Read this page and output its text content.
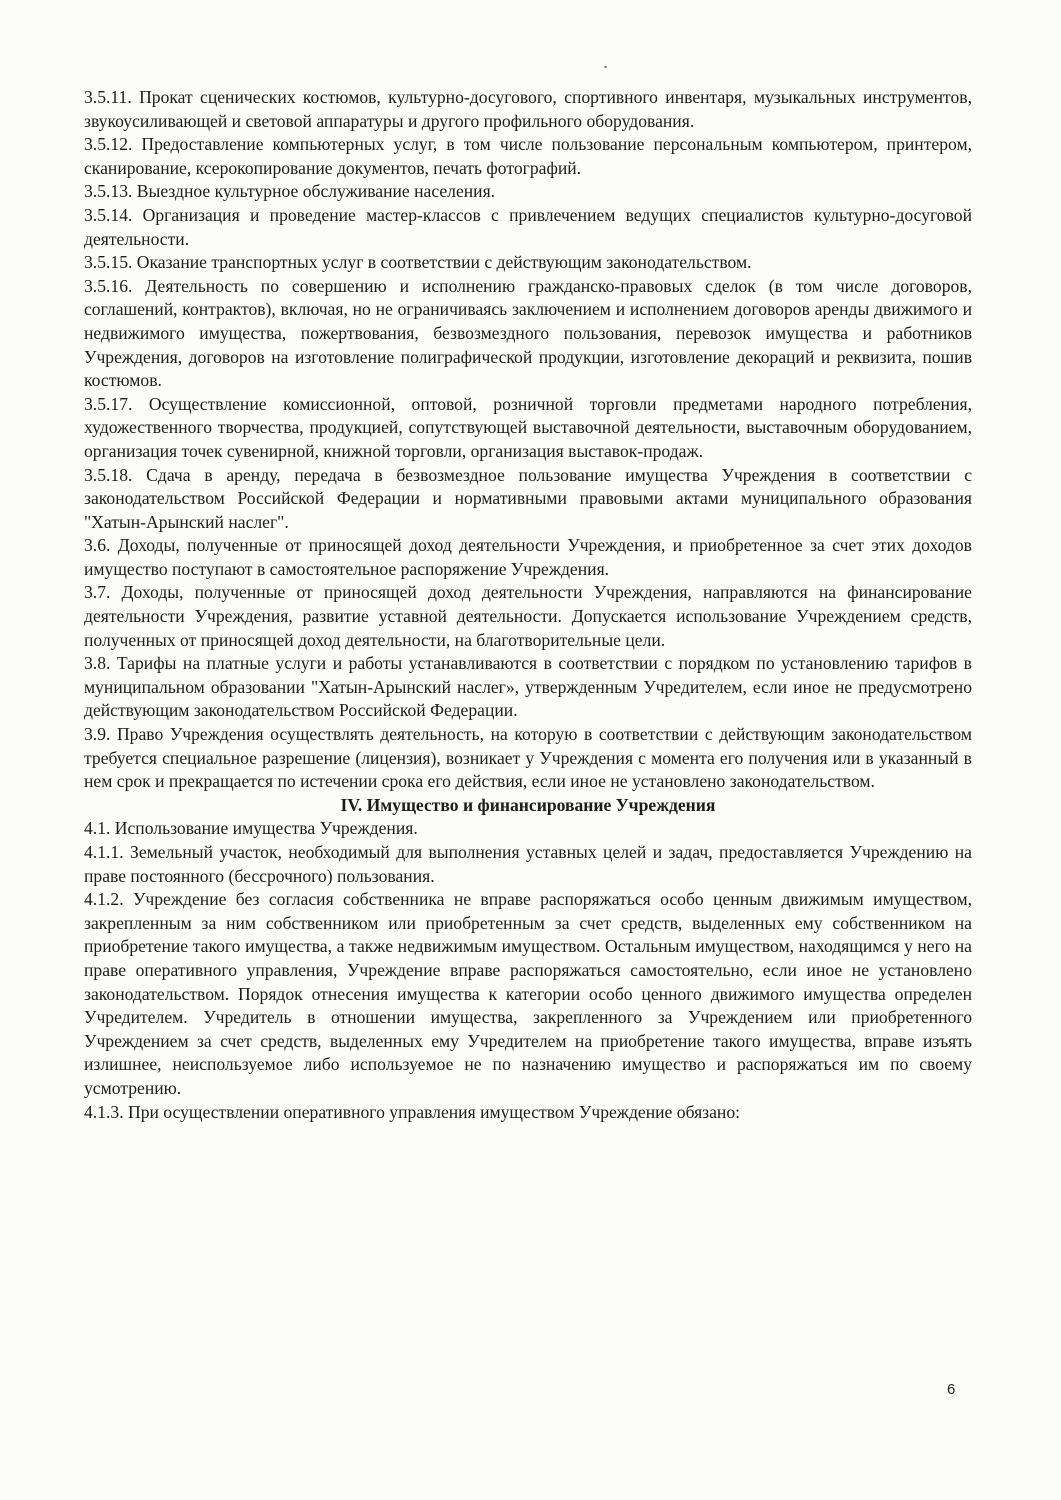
3.5.11. Прокат сценических костюмов, культурно-досугового, спортивного инвентаря, музыкальных инструментов, звукоусиливающей и световой аппаратуры и другого профильного оборудования.

3.5.12. Предоставление компьютерных услуг, в том числе пользование персональным компьютером, принтером, сканирование, ксерокопирование документов, печать фотографий.

3.5.13. Выездное культурное обслуживание населения.

3.5.14. Организация и проведение мастер-классов с привлечением ведущих специалистов культурно-досуговой деятельности.

3.5.15. Оказание транспортных услуг в соответствии с действующим законодательством.

3.5.16. Деятельность по совершению и исполнению гражданско-правовых сделок (в том числе договоров, соглашений, контрактов), включая, но не ограничиваясь заключением и исполнением договоров аренды движимого и недвижимого имущества, пожертвования, безвозмездного пользования, перевозок имущества и работников Учреждения, договоров на изготовление полиграфической продукции, изготовление декораций и реквизита, пошив костюмов.

3.5.17. Осуществление комиссионной, оптовой, розничной торговли предметами народного потребления, художественного творчества, продукцией, сопутствующей выставочной деятельности, выставочным оборудованием, организация точек сувенирной, книжной торговли, организация выставок-продаж.

3.5.18. Сдача в аренду, передача в безвозмездное пользование имущества Учреждения в соответствии с законодательством Российской Федерации и нормативными правовыми актами муниципального образования "Хатын-Арынский наслег".

3.6. Доходы, полученные от приносящей доход деятельности Учреждения, и приобретенное за счет этих доходов имущество поступают в самостоятельное распоряжение Учреждения.

3.7. Доходы, полученные от приносящей доход деятельности Учреждения, направляются на финансирование деятельности Учреждения, развитие уставной деятельности. Допускается использование Учреждением средств, полученных от приносящей доход деятельности, на благотворительные цели.

3.8. Тарифы на платные услуги и работы устанавливаются в соответствии с порядком по установлению тарифов в муниципальном образовании "Хатын-Арынский наслег», утвержденным Учредителем, если иное не предусмотрено действующим законодательством Российской Федерации.

3.9. Право Учреждения осуществлять деятельность, на которую в соответствии с действующим законодательством требуется специальное разрешение (лицензия), возникает у Учреждения с момента его получения или в указанный в нем срок и прекращается по истечении срока его действия, если иное не установлено законодательством.

IV. Имущество и финансирование Учреждения

4.1. Использование имущества Учреждения.

4.1.1. Земельный участок, необходимый для выполнения уставных целей и задач, предоставляется Учреждению на праве постоянного (бессрочного) пользования.

4.1.2. Учреждение без согласия собственника не вправе распоряжаться особо ценным движимым имуществом, закрепленным за ним собственником или приобретенным за счет средств, выделенных ему собственником на приобретение такого имущества, а также недвижимым имуществом. Остальным имуществом, находящимся у него на праве оперативного управления, Учреждение вправе распоряжаться самостоятельно, если иное не установлено законодательством. Порядок отнесения имущества к категории особо ценного движимого имущества определен Учредителем. Учредитель в отношении имущества, закрепленного за Учреждением или приобретенного Учреждением за счет средств, выделенных ему Учредителем на приобретение такого имущества, вправе изъять излишнее, неиспользуемое либо используемое не по назначению имущество и распоряжаться им по своему усмотрению.

4.1.3. При осуществлении оперативного управления имуществом Учреждение обязано:

6
